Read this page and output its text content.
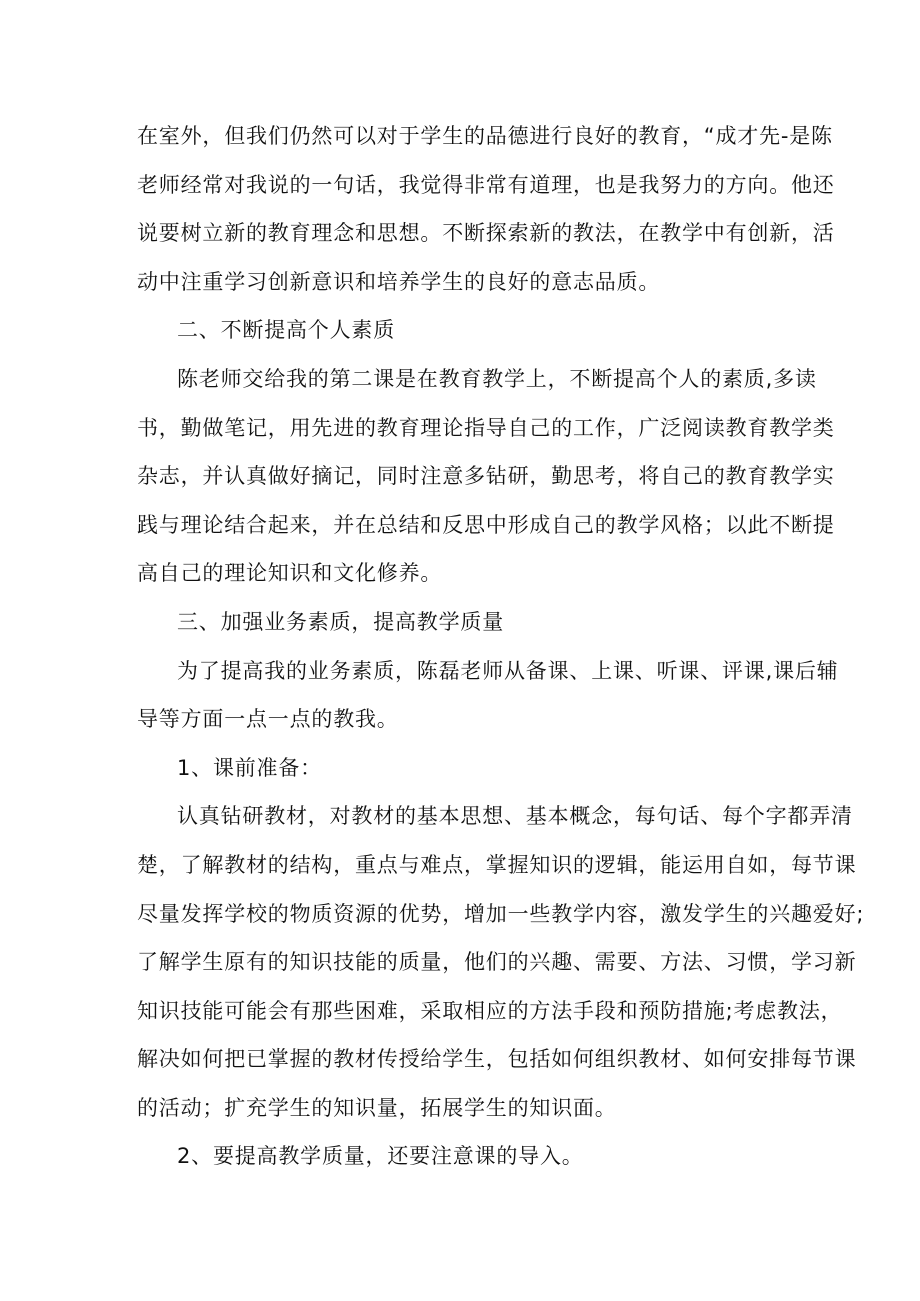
在室外，但我们仍然可以对于学生的品德进行良好的教育，“成才先-是陈
老师经常对我说的一句话，我觉得非常有道理，也是我努力的方向。他还
说要树立新的教育理念和思想。不断探索新的教法，在教学中有创新，活
动中注重学习创新意识和培养学生的良好的意志品质。
二、不断提高个人素质
陈老师交给我的第二课是在教育教学上，不断提高个人的素质,多读
书，勤做笔记，用先进的教育理论指导自己的工作，广泛阅读教育教学类
杂志，并认真做好摘记，同时注意多钻研，勤思考，将自己的教育教学实
践与理论结合起来，并在总结和反思中形成自己的教学风格；以此不断提
高自己的理论知识和文化修养。
三、加强业务素质，提高教学质量
为了提高我的业务素质，陈磊老师从备课、上课、听课、评课,课后辅
导等方面一点一点的教我。
1、课前准备：
认真钻研教材，对教材的基本思想、基本概念，每句话、每个字都弄清
楚，了解教材的结构，重点与难点，掌握知识的逻辑，能运用自如，每节课
尽量发挥学校的物质资源的优势，增加一些教学内容，激发学生的兴趣爱好;
了解学生原有的知识技能的质量，他们的兴趣、需要、方法、习惯，学习新
知识技能可能会有那些困难，采取相应的方法手段和预防措施;考虑教法，
解决如何把已掌握的教材传授给学生，包括如何组织教材、如何安排每节课
的活动；扩充学生的知识量，拓展学生的知识面。
2、要提高教学质量，还要注意课的导入。
